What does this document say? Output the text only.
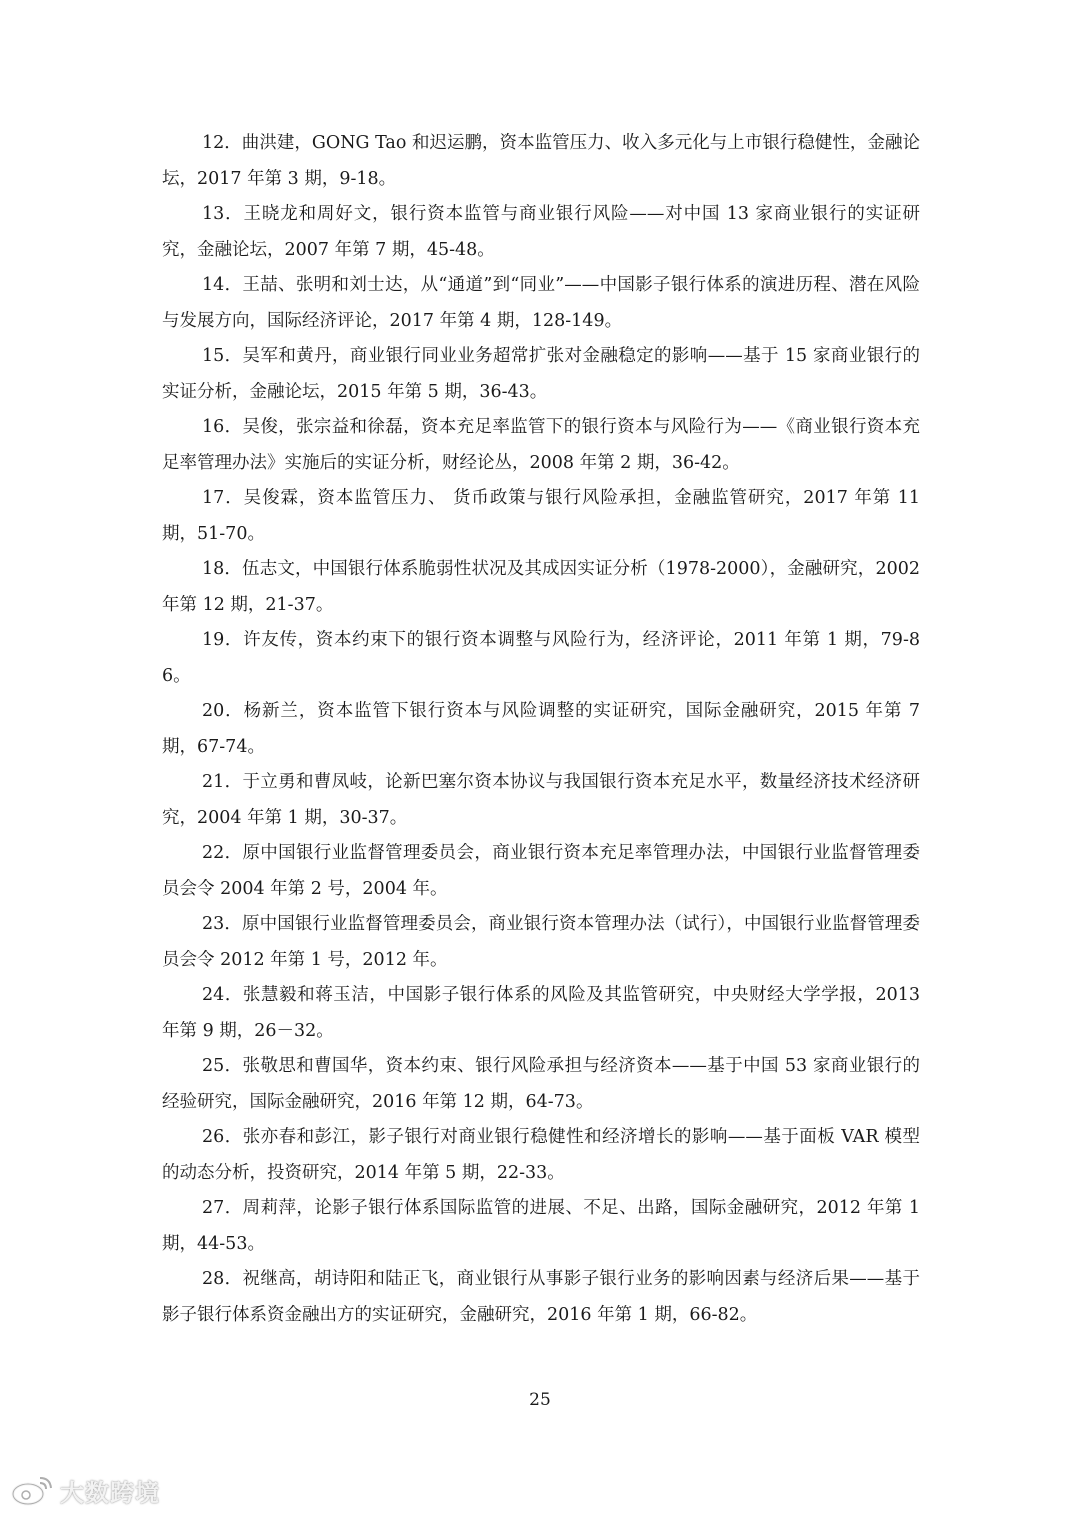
12．曲洪建，GONG Tao 和迟运鹏，资本监管压力、收入多元化与上市银行稳健性，金融论坛，2017 年第 3 期，9-18。

13．王晓龙和周好文，银行资本监管与商业银行风险——对中国 13 家商业银行的实证研究，金融论坛，2007 年第 7 期，45-48。

14．王喆、张明和刘士达，从“通道”到“同业”——中国影子银行体系的演进历程、潜在风险与发展方向，国际经济评论，2017 年第 4 期，128-149。

15．吴军和黄丹，商业银行同业业务超常扩张对金融稳定的影响——基于 15 家商业银行的实证分析，金融论坛，2015 年第 5 期，36-43。

16．吴俊，张宗益和徐磊，资本充足率监管下的银行资本与风险行为——《商业银行资本充足率管理办法》实施后的实证分析，财经论丛，2008 年第 2 期，36-42。

17．吴俊霖，资本监管压力、 货币政策与银行风险承担，金融监管研究，2017 年第 11 期，51-70。

18．伍志文，中国银行体系脆弱性状况及其成因实证分析（1978-2000），金融研究，2002 年第 12 期，21-37。

19．许友传，资本约束下的银行资本调整与风险行为，经济评论，2011 年第 1 期，79-86。

20．杨新兰，资本监管下银行资本与风险调整的实证研究，国际金融研究，2015 年第 7 期，67-74。

21．于立勇和曹凤岐，论新巴塞尔资本协议与我国银行资本充足水平，数量经济技术经济研究，2004 年第 1 期，30-37。

22．原中国银行业监督管理委员会，商业银行资本充足率管理办法，中国银行业监督管理委员会令 2004 年第 2 号，2004 年。

23．原中国银行业监督管理委员会，商业银行资本管理办法（试行），中国银行业监督管理委员会令 2012 年第 1 号，2012 年。

24．张慧毅和蒋玉洁，中国影子银行体系的风险及其监管研究，中央财经大学学报，2013 年第 9 期，26－32。

25．张敬思和曹国华，资本约束、银行风险承担与经济资本——基于中国 53 家商业银行的经验研究，国际金融研究，2016 年第 12 期，64-73。

26．张亦春和彭江，影子银行对商业银行稳健性和经济增长的影响——基于面板 VAR 模型的动态分析，投资研究，2014 年第 5 期，22-33。

27．周莉萍，论影子银行体系国际监管的进展、不足、出路，国际金融研究，2012 年第 1 期，44-53。

28．祝继高，胡诗阳和陆正飞，商业银行从事影子银行业务的影响因素与经济后果——基于影子银行体系资金融出方的实证研究，金融研究，2016 年第 1 期，66-82。

25
大数跨境
